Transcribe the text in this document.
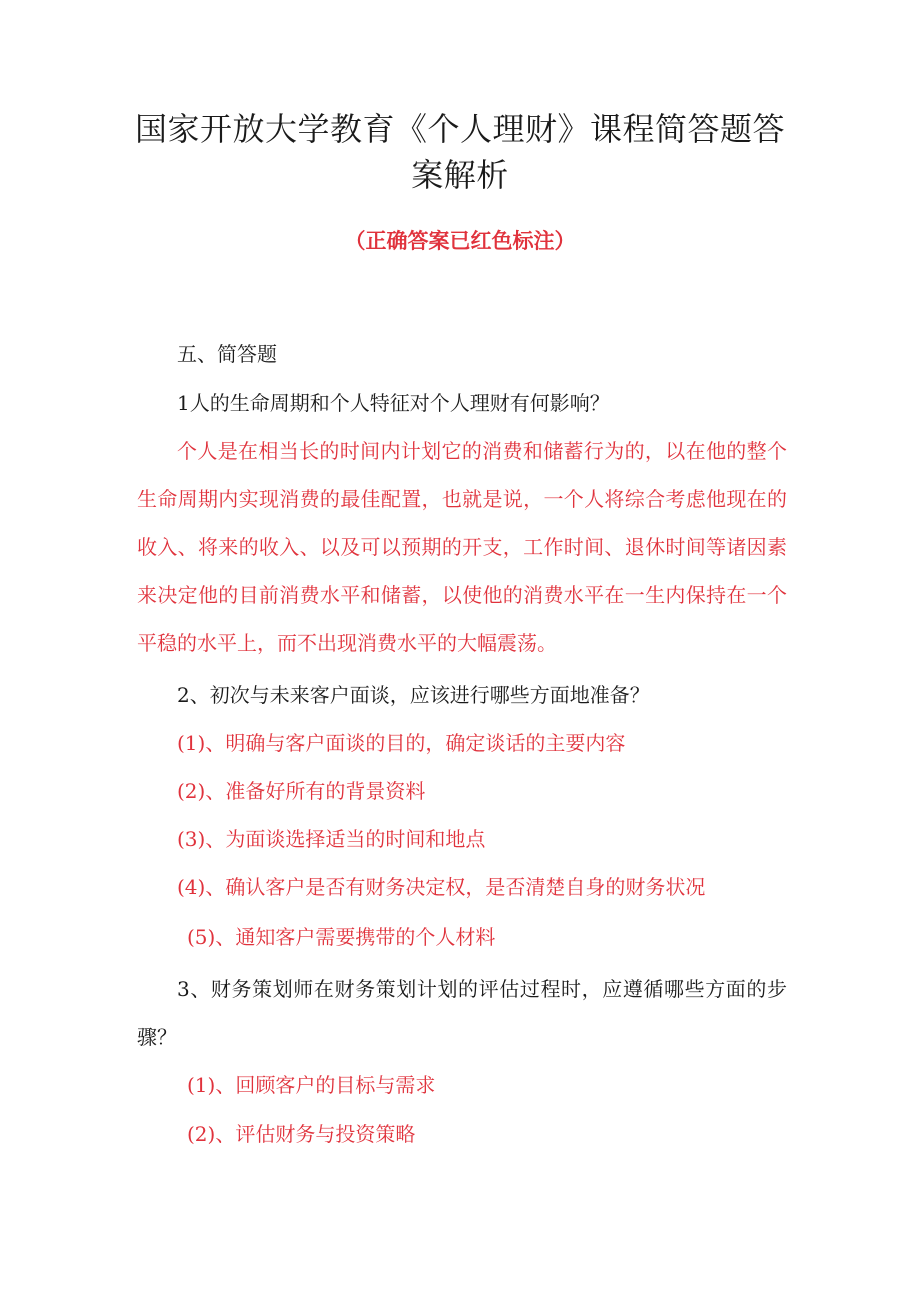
国家开放大学教育《个人理财》课程简答题答
案解析
（正确答案已红色标注）
五、简答题
1人的生命周期和个人特征对个人理财有何影响？
个人是在相当长的时间内计划它的消费和储蓄行为的，以在他的整个生命周期内实现消费的最佳配置，也就是说，一个人将综合考虑他现在的收入、将来的收入、以及可以预期的开支，工作时间、退休时间等诸因素来决定他的目前消费水平和储蓄，以使他的消费水平在一生内保持在一个平稳的水平上，而不出现消费水平的大幅震荡。
2、初次与未来客户面谈，应该进行哪些方面地准备？
(1)、明确与客户面谈的目的，确定谈话的主要内容
(2)、准备好所有的背景资料
(3)、为面谈选择适当的时间和地点
(4)、确认客户是否有财务决定权，是否清楚自身的财务状况
(5)、通知客户需要携带的个人材料
3、财务策划师在财务策划计划的评估过程时，应遵循哪些方面的步骤？
(1)、回顾客户的目标与需求
(2)、评估财务与投资策略
